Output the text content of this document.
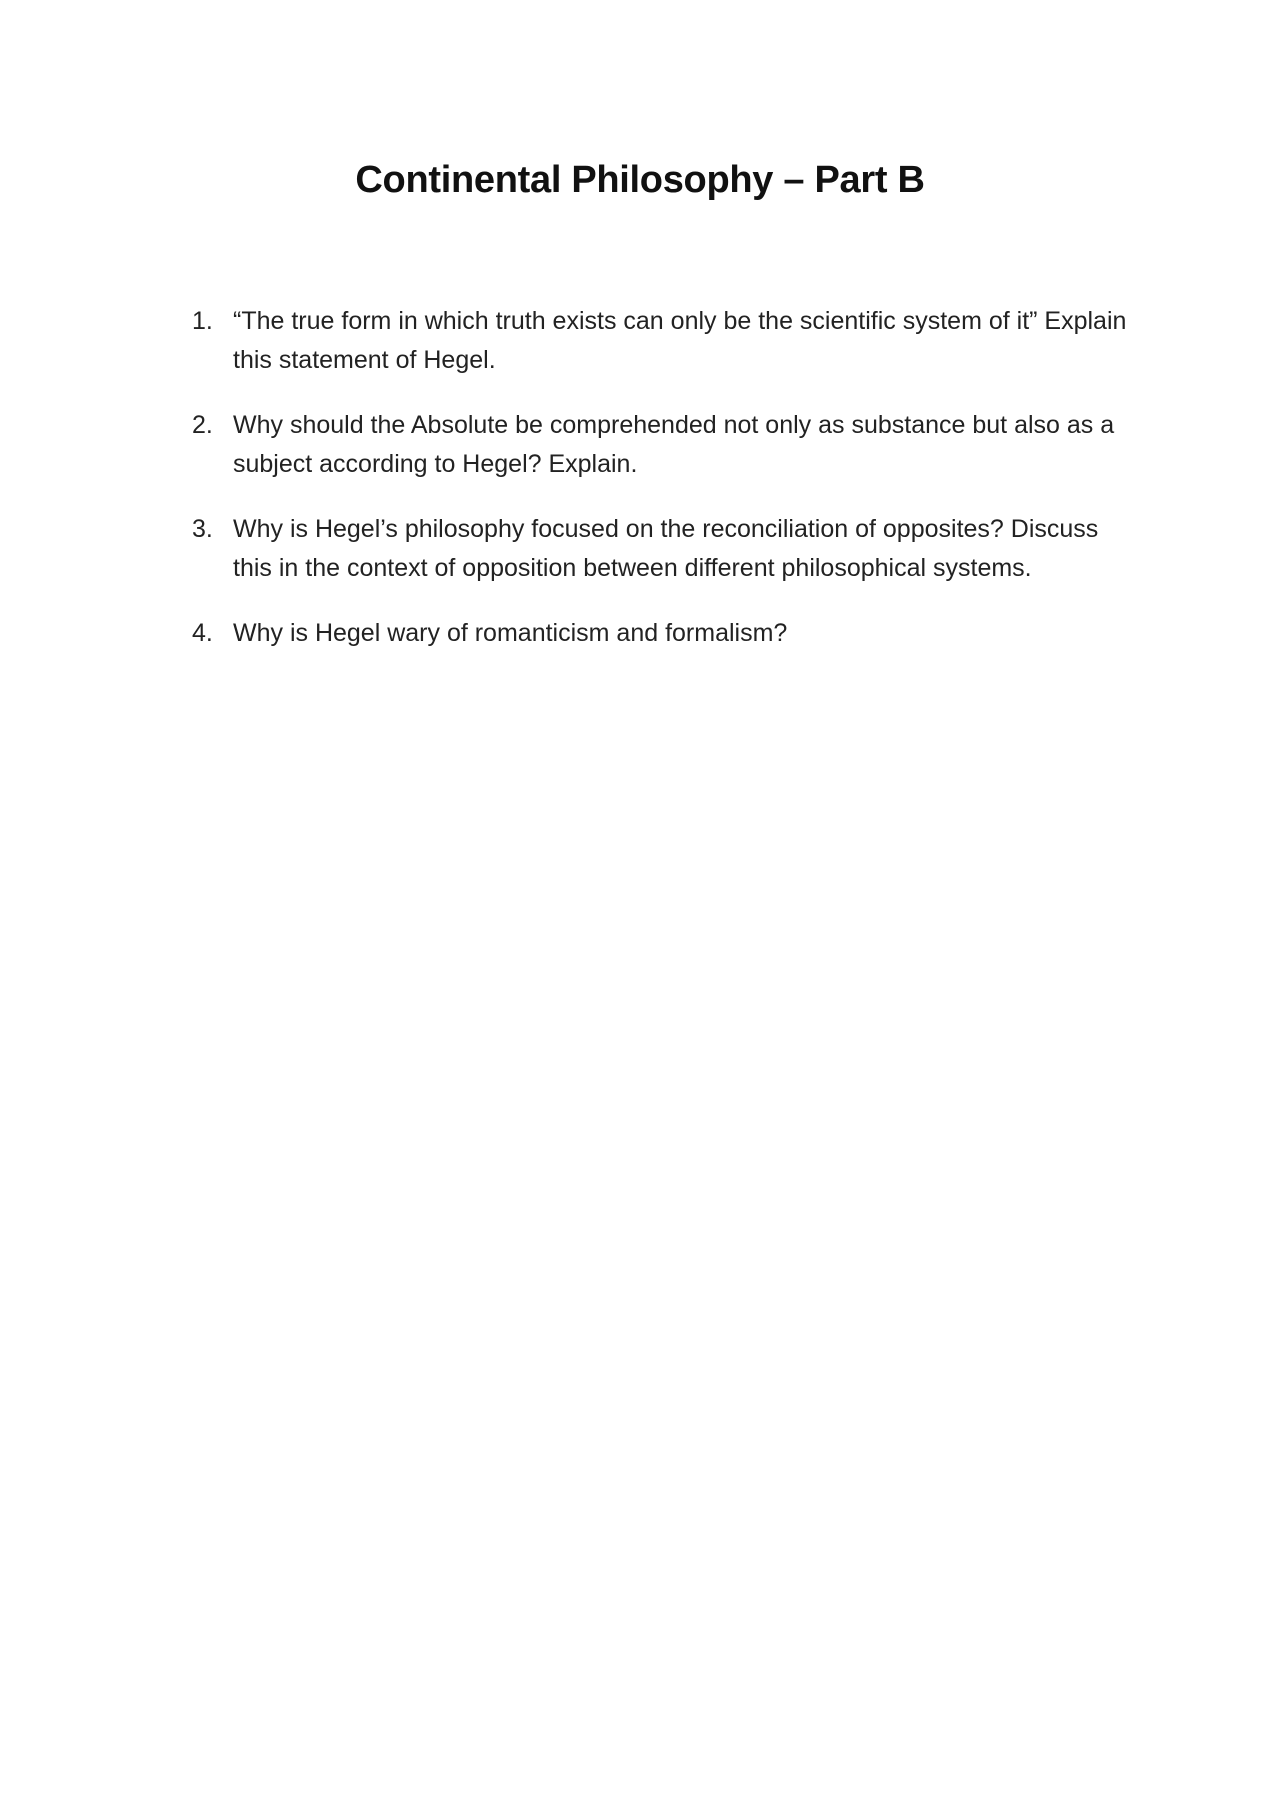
Continental Philosophy – Part B
1. “The true form in which truth exists can only be the scientific system of it” Explain this statement of Hegel.
2. Why should the Absolute be comprehended not only as substance but also as a subject according to Hegel? Explain.
3. Why is Hegel’s philosophy focused on the reconciliation of opposites? Discuss this in the context of opposition between different philosophical systems.
4. Why is Hegel wary of romanticism and formalism?
